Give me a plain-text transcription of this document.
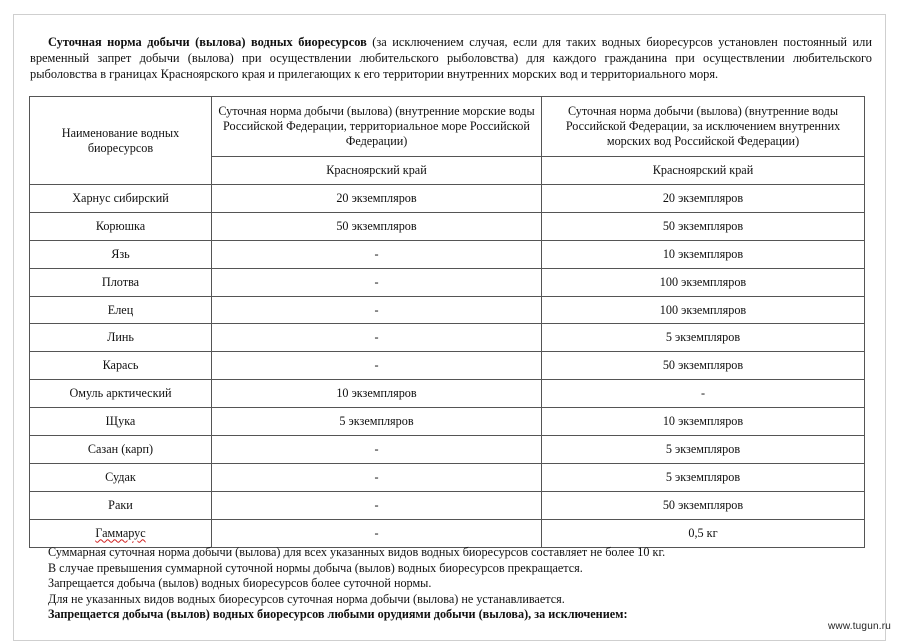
Суточная норма добычи (вылова) водных биоресурсов (за исключением случая, если для таких водных биоресурсов установлен постоянный или временный запрет добычи (вылова) при осуществлении любительского рыболовства) для каждого гражданина при осуществлении любительского рыболовства в границах Красноярского края и прилегающих к его территории внутренних морских вод и территориального моря.

Наименование водных биоресурсов	Суточная норма добычи (вылова) (внутренние морские воды Российской Федерации, территориальное море Российской Федерации)	Суточная норма добычи (вылова) (внутренние воды Российской Федерации, за исключением внутренних морских вод Российской Федерации)
	Красноярский край	Красноярский край
Харнус сибирский	20 экземпляров	20 экземпляров
Корюшка	50 экземпляров	50 экземпляров
Язь	-	10 экземпляров
Плотва	-	100 экземпляров
Елец	-	100 экземпляров
Линь	-	5 экземпляров
Карась	-	50 экземпляров
Омуль арктический	10 экземпляров	-
Щука	5 экземпляров	10 экземпляров
Сазан (карп)	-	5 экземпляров
Судак	-	5 экземпляров
Раки	-	50 экземпляров
Гаммарус	-	0,5 кг
Суммарная суточная норма добычи (вылова) для всех указанных видов водных биоресурсов составляет не более 10 кг.
В случае превышения суммарной суточной нормы добыча (вылов) водных биоресурсов прекращается.
Запрещается добыча (вылов) водных биоресурсов более суточной нормы.
Для не указанных видов водных биоресурсов суточная норма добычи (вылова) не устанавливается.
Запрещается добыча (вылов) водных биоресурсов любыми орудиями добычи (вылова), за исключением:
www.tugun.ru
